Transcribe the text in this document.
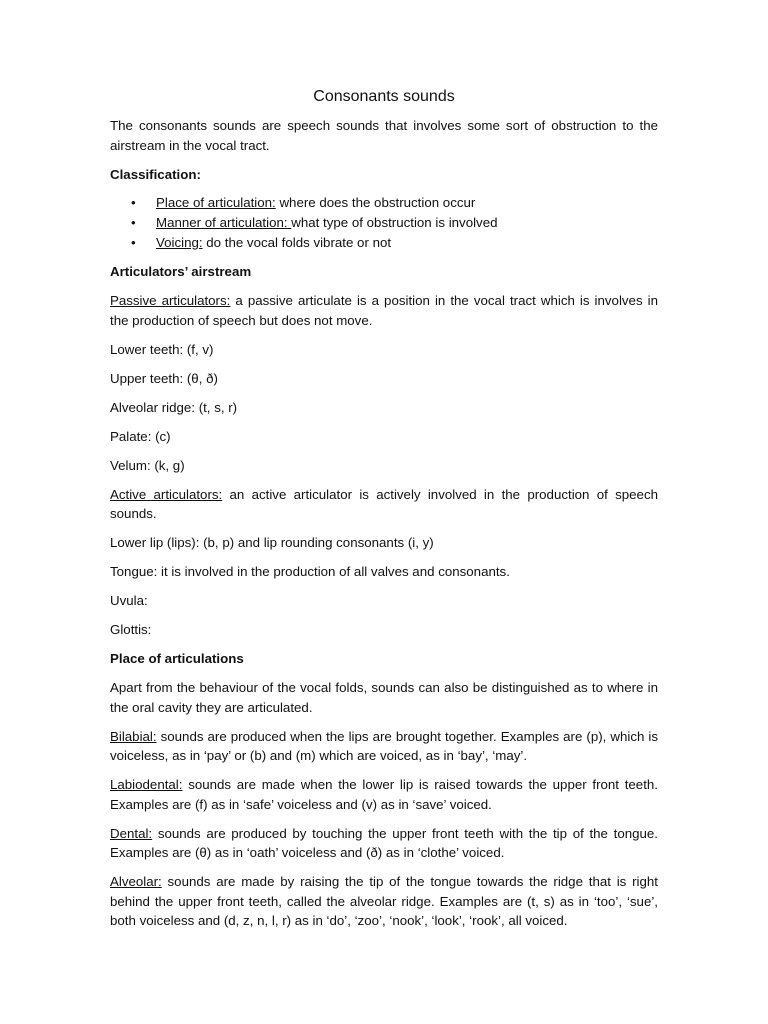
Consonants sounds

The consonants sounds are speech sounds that involves some sort of obstruction to the airstream in the vocal tract.

Classification:

• Place of articulation: where does the obstruction occur
• Manner of articulation: what type of obstruction is involved
• Voicing: do the vocal folds vibrate or not

Articulators’ airstream

Passive articulators: a passive articulate is a position in the vocal tract which is involves in the production of speech but does not move.

Lower teeth: (f, v)

Upper teeth: (θ, ð)

Alveolar ridge: (t, s, r)

Palate: (c)

Velum: (k, g)

Active articulators: an active articulator is actively involved in the production of speech sounds.

Lower lip (lips): (b, p) and lip rounding consonants (i, y)

Tongue: it is involved in the production of all valves and consonants.

Uvula:

Glottis:

Place of articulations

Apart from the behaviour of the vocal folds, sounds can also be distinguished as to where in the oral cavity they are articulated.

Bilabial: sounds are produced when the lips are brought together. Examples are (p), which is voiceless, as in ‘pay’ or (b) and (m) which are voiced, as in ‘bay’, ‘may’.

Labiodental: sounds are made when the lower lip is raised towards the upper front teeth. Examples are (f) as in ‘safe’ voiceless and (v) as in ‘save’ voiced.

Dental: sounds are produced by touching the upper front teeth with the tip of the tongue. Examples are (θ) as in ‘oath’ voiceless and (ð) as in ‘clothe’ voiced.

Alveolar: sounds are made by raising the tip of the tongue towards the ridge that is right behind the upper front teeth, called the alveolar ridge. Examples are (t, s) as in ‘too’, ‘sue’, both voiceless and (d, z, n, l, r) as in ‘do’, ‘zoo’, ‘nook’, ‘look’, ‘rook’, all voiced.
